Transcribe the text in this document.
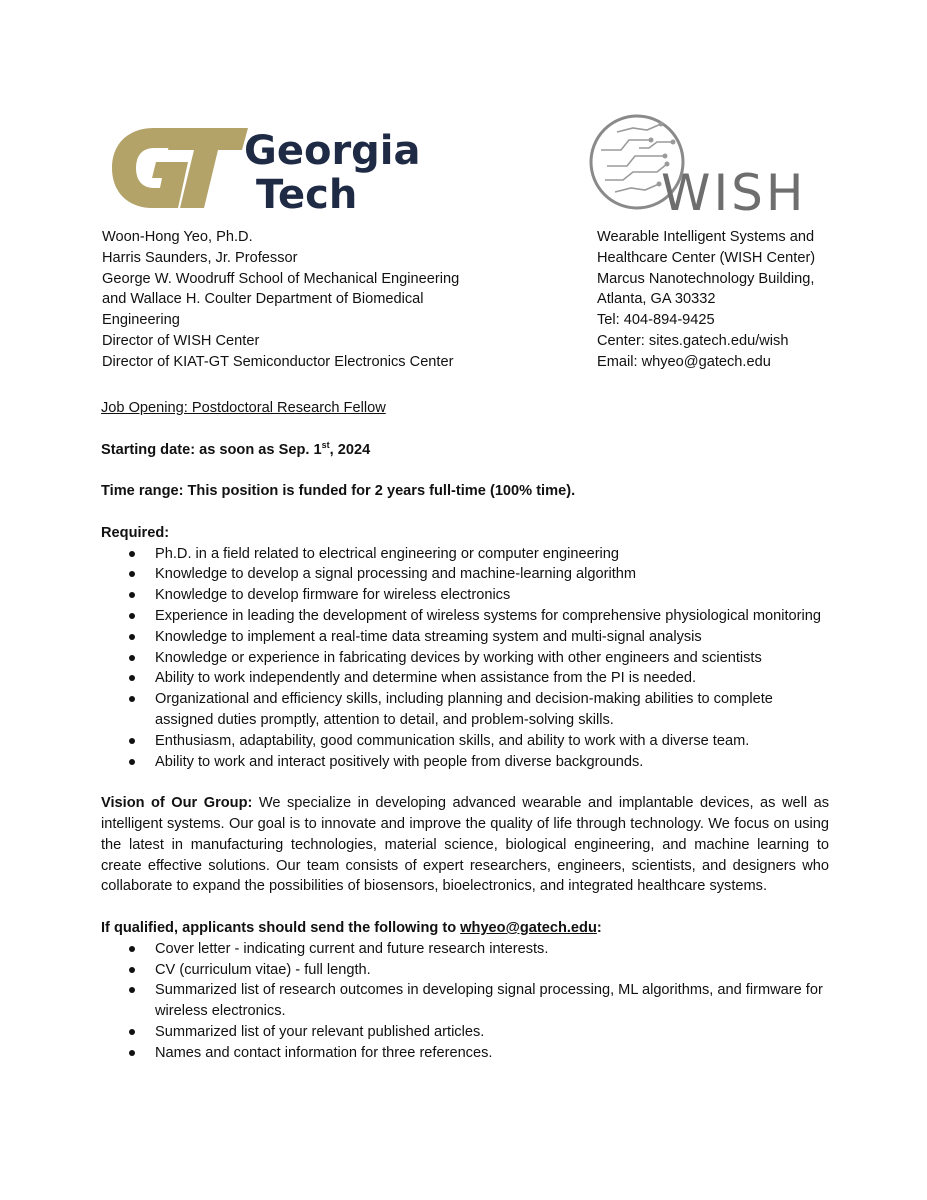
Georgia
Tech	WISH
Woon-Hong Yeo, Ph.D.
Harris Saunders, Jr. Professor
George W. Woodruff School of Mechanical Engineering
and Wallace H. Coulter Department of Biomedical
Engineering
Director of WISH Center
Director of KIAT-GT Semiconductor Electronics Center
Wearable Intelligent Systems and
Healthcare Center (WISH Center)
Marcus Nanotechnology Building,
Atlanta, GA 30332
Tel: 404-894-9425
Center: sites.gatech.edu/wish
Email: whyeo@gatech.edu
Job Opening: Postdoctoral Research Fellow
Starting date: as soon as Sep. 1st, 2024
Time range: This position is funded for 2 years full-time (100% time).
Required:
Ph.D. in a field related to electrical engineering or computer engineering
Knowledge to develop a signal processing and machine-learning algorithm
Knowledge to develop firmware for wireless electronics
Experience in leading the development of wireless systems for comprehensive physiological monitoring
Knowledge to implement a real-time data streaming system and multi-signal analysis
Knowledge or experience in fabricating devices by working with other engineers and scientists
Ability to work independently and determine when assistance from the PI is needed.
Organizational and efficiency skills, including planning and decision-making abilities to complete assigned duties promptly, attention to detail, and problem-solving skills.
Enthusiasm, adaptability, good communication skills, and ability to work with a diverse team.
Ability to work and interact positively with people from diverse backgrounds.
Vision of Our Group: We specialize in developing advanced wearable and implantable devices, as well as intelligent systems. Our goal is to innovate and improve the quality of life through technology. We focus on using the latest in manufacturing technologies, material science, biological engineering, and machine learning to create effective solutions. Our team consists of expert researchers, engineers, scientists, and designers who collaborate to expand the possibilities of biosensors, bioelectronics, and integrated healthcare systems.
If qualified, applicants should send the following to whyeo@gatech.edu:
Cover letter - indicating current and future research interests.
CV (curriculum vitae) - full length.
Summarized list of research outcomes in developing signal processing, ML algorithms, and firmware for wireless electronics.
Summarized list of your relevant published articles.
Names and contact information for three references.
